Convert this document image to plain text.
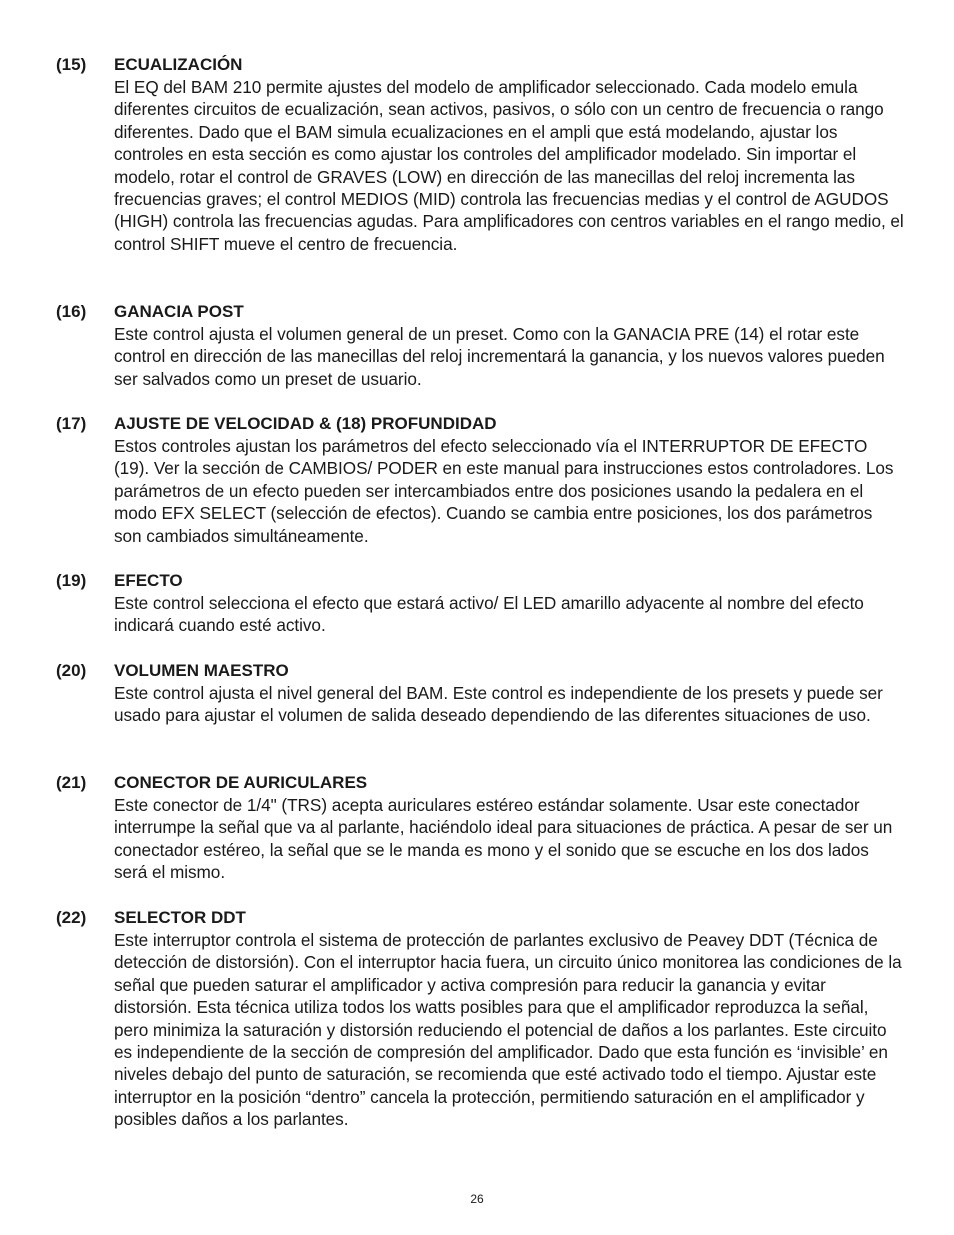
(15) ECUALIZACIÓN
El EQ del BAM 210 permite ajustes del modelo de amplificador seleccionado. Cada modelo emula diferentes circuitos de ecualización, sean activos, pasivos, o sólo con un centro de frecuencia o rango diferentes. Dado que el BAM simula ecualizaciones en el ampli que está modelando, ajustar los controles en esta sección es como ajustar los controles del amplificador modelado. Sin importar el modelo, rotar el control de GRAVES (LOW) en dirección de las manecillas del reloj incrementa las frecuencias graves; el control MEDIOS (MID) controla las frecuencias medias y el control de AGUDOS (HIGH) controla las frecuencias agudas. Para amplificadores con centros variables en el rango medio, el control SHIFT mueve el centro de frecuencia.
(16) GANACIA POST
Este control ajusta el volumen general de un preset. Como con la GANACIA PRE (14) el rotar este control en dirección de las manecillas del reloj incrementará la ganancia, y los nuevos valores pueden ser salvados como un preset de usuario.
(17) AJUSTE DE VELOCIDAD & (18) PROFUNDIDAD
Estos controles ajustan los parámetros del efecto seleccionado vía el INTERRUPTOR DE EFECTO (19). Ver la sección de CAMBIOS/ PODER en este manual para instrucciones estos controladores. Los parámetros de un efecto pueden ser intercambiados entre dos posiciones usando la pedalera en el modo EFX SELECT (selección de efectos). Cuando se cambia entre posiciones, los dos parámetros son cambiados simultáneamente.
(19) EFECTO
Este control selecciona el efecto que estará activo/ El LED amarillo adyacente al nombre del efecto indicará cuando esté activo.
(20) VOLUMEN MAESTRO
Este control ajusta el nivel general del BAM. Este control es independiente de los presets y puede ser usado para ajustar el volumen de salida deseado dependiendo de las diferentes situaciones de uso.
(21) CONECTOR DE AURICULARES
Este conector de 1/4" (TRS) acepta auriculares estéreo estándar solamente. Usar este conectador interrumpe la señal que va al parlante, haciéndolo ideal para situaciones de práctica. A pesar de ser un conectador estéreo, la señal que se le manda es mono y el sonido que se escuche en los dos lados será el mismo.
(22) SELECTOR DDT
Este interruptor controla el sistema de protección de parlantes exclusivo de Peavey DDT (Técnica de detección de distorsión). Con el interruptor hacia fuera, un circuito único monitorea las condiciones de la señal que pueden saturar el amplificador y activa compresión para reducir la ganancia y evitar distorsión. Esta técnica utiliza todos los watts posibles para que el amplificador reproduzca la señal, pero minimiza la saturación y distorsión reduciendo el potencial de daños a los parlantes. Este circuito es independiente de la sección de compresión del amplificador. Dado que esta función es ‘invisible’ en niveles debajo del punto de saturación, se recomienda que esté activado todo el tiempo. Ajustar este interruptor en la posición “dentro” cancela la protección, permitiendo saturación en el amplificador y posibles daños a los parlantes.
26
